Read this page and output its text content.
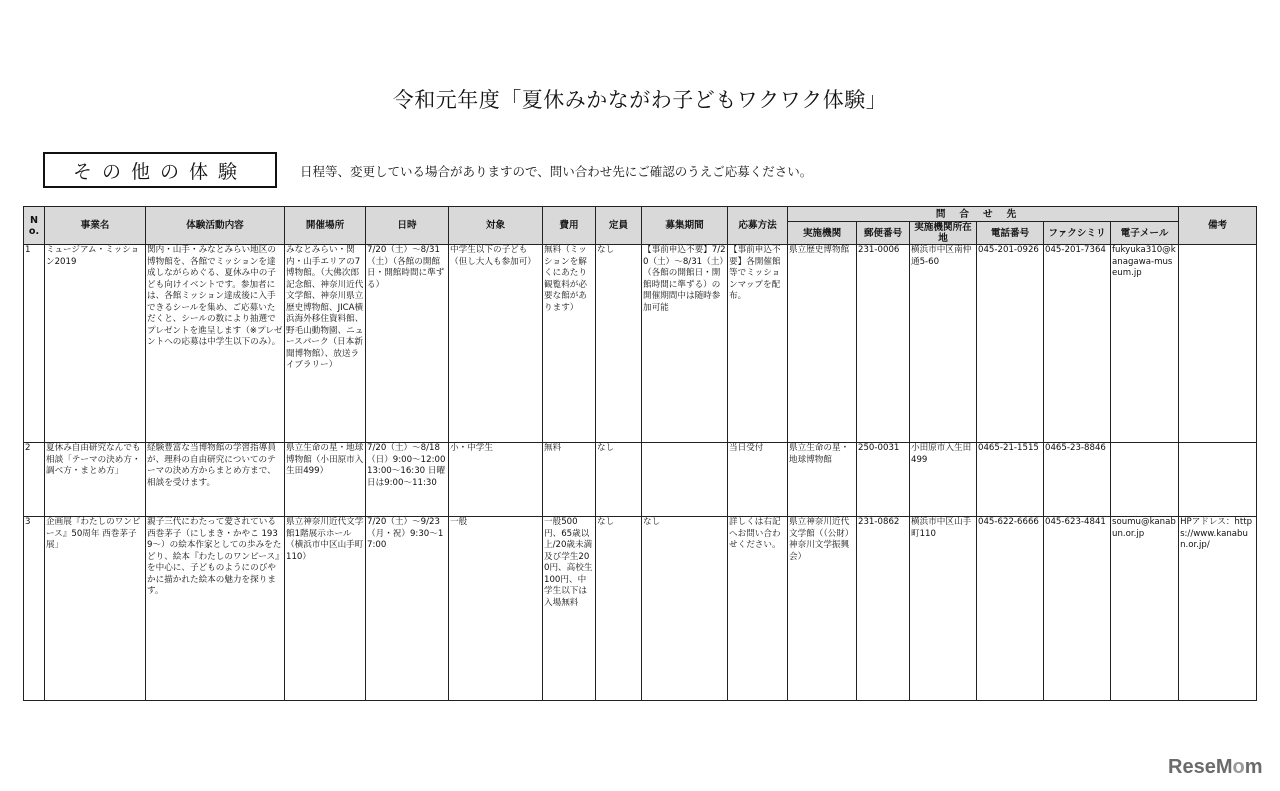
令和元年度「夏休みかながわ子どもワクワク体験」
その他の体験	日程等、変更している場合がありますので、問い合わせ先にご確認のうえご応募ください。
No.	事業名	体験活動内容	開催場所	日時	対象	費用	定員	募集期間	応募方法	問合せ先						備考
										実施機関	郵便番号	実施機関所在地	電話番号	ファクシミリ	電子メール	
1	ミュージアム・ミッション2019	関内・山手・みなとみらい地区の博物館を、各館でミッションを達成しながらめぐる、夏休み中の子ども向けイベントです。参加者には、各館ミッション達成後に入手できるシールを集め、ご応募いただくと、シールの数により抽選でプレゼントを進呈します（※プレゼントへの応募は中学生以下のみ）。	みなとみらい・関内・山手エリアの7博物館。（大佛次郎記念館、神奈川近代文学館、神奈川県立歴史博物館、JICA横浜海外移住資料館、野毛山動物園、ニュースパーク（日本新聞博物館）、放送ライブラリー）	7/20（土）～8/31（土）（各館の開館日・開館時間に準ずる）	中学生以下の子ども（但し大人も参加可）	無料（ミッションを解くにあたり観覧料が必要な館があります）	なし	【事前申込不要】7/20（土）～8/31（土）（各館の開館日・開館時間に準ずる）の開催期間中は随時参加可能	【事前申込不要】各開催館等でミッションマップを配布。	県立歴史博物館	231-0006	横浜市中区南仲通5-60	045-201-0926	045-201-7364	fukyuka310@kanagawa-museum.jp	
2	夏休み自由研究なんでも相談「テーマの決め方・調べ方・まとめ方」	経験豊富な当博物館の学習指導員が、理科の自由研究についてのテーマの決め方からまとめ方まで、相談を受けます。	県立生命の星・地球博物館（小田原市入生田499）	7/20（土）～8/18（日）9:00～12:00 13:00～16:30 日曜日は9:00～11:30	小・中学生	無料	なし		当日受付	県立生命の星・地球博物館	250-0031	小田原市入生田499	0465-21-1515	0465-23-8846		
3	企画展『わたしのワンピース』50周年 西巻茅子展」	親子三代にわたって愛されている西巻茅子（にしまき・かやこ 1939～）の絵本作家としての歩みをたどり、絵本『わたしのワンピース』を中心に、子どものようにのびやかに描かれた絵本の魅力を探ります。	県立神奈川近代文学館1階展示ホール（横浜市中区山手町110）	7/20（土）～9/23（月・祝）9:30～17:00	一般	一般500円、65歳以上/20歳未満及び学生200円、高校生100円、中学生以下は入場無料	なし	なし	詳しくは右記へお問い合わせください。	県立神奈川近代文学館（（公財）神奈川文学振興会）	231-0862	横浜市中区山手町110	045-622-6666	045-623-4841	soumu@kanabun.or.jp	HPアドレス：https://www.kanabun.or.jp/
ReseMom
